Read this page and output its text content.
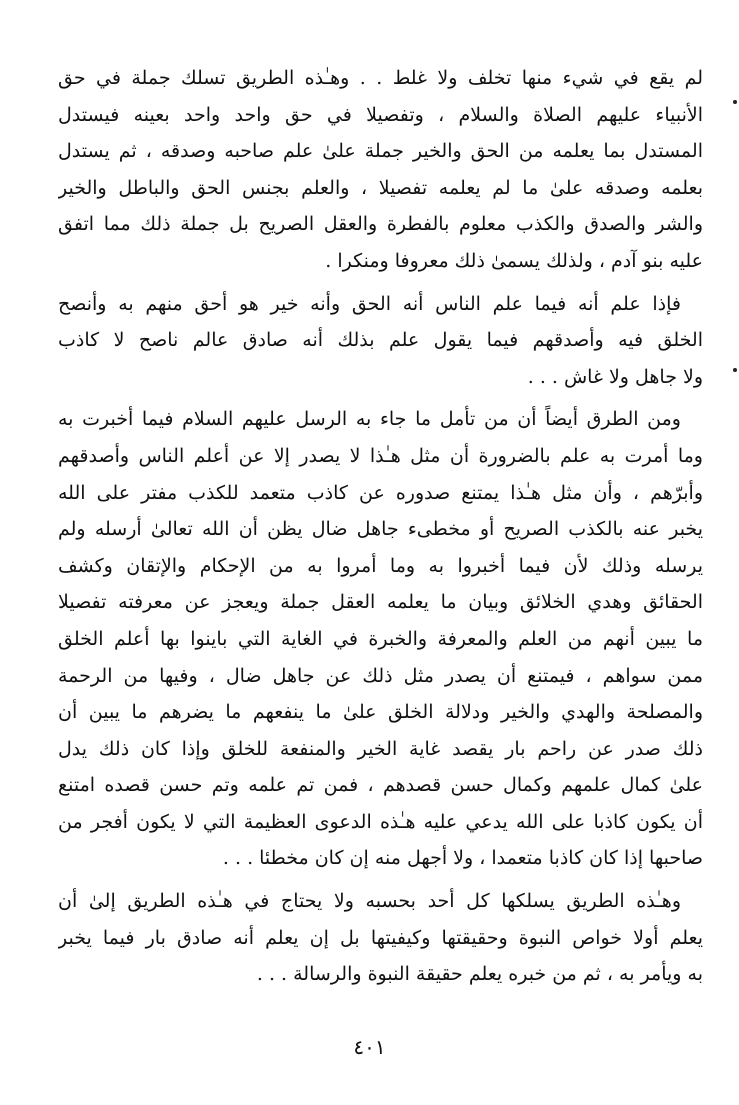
لم يقع في شيء منها تخلف ولا غلط . . وهـٰذه الطريق تسلك جملة في حق
الأنبياء عليهم الصلاة والسلام ، وتفصيلا في حق واحد واحد بعينه فيستدل
المستدل بما يعلمه من الحق والخير جملة علىٰ علم صاحبه وصدقه ، ثم يستدل
بعلمه وصدقه علىٰ ما لم يعلمه تفصيلا ، والعلم بجنس الحق والباطل والخير
والشر والصدق والكذب معلوم بالفطرة والعقل الصريح بل جملة ذلك مما اتفق
عليه بنو آدم ، ولذلك يسمىٰ ذلك معروفا ومنكرا .
فإذا علم أنه فيما علم الناس أنه الحق وأنه خير هو أحق منهم به وأنصح
الخلق فيه وأصدقهم فيما يقول علم بذلك أنه صادق عالم ناصح لا كاذب
ولا جاهل ولا غاش . . .
ومن الطرق أيضاً أن من تأمل ما جاء به الرسل عليهم السلام فيما أخبرت به
وما أمرت به علم بالضرورة أن مثل هـٰذا لا يصدر إلا عن أعلم الناس وأصدقهم
وأبرّهم ، وأن مثل هـٰذا يمتنع صدوره عن كاذب متعمد للكذب مفتر على الله
يخبر عنه بالكذب الصريح أو مخطىء جاهل ضال يظن أن الله تعالىٰ أرسله ولم
يرسله وذلك لأن فيما أخبروا به وما أمروا به من الإحكام والإتقان وكشف
الحقائق وهدي الخلائق وبيان ما يعلمه العقل جملة ويعجز عن معرفته تفصيلا
ما يبين أنهم من العلم والمعرفة والخبرة في الغاية التي باينوا بها أعلم الخلق
ممن سواهم ، فيمتنع أن يصدر مثل ذلك عن جاهل ضال ، وفيها من الرحمة
والمصلحة والهدي والخير ودلالة الخلق علىٰ ما ينفعهم ما يضرهم ما يبين أن
ذلك صدر عن راحم بار يقصد غاية الخير والمنفعة للخلق وإذا كان ذلك يدل
علىٰ كمال علمهم وكمال حسن قصدهم ، فمن تم علمه وتم حسن قصده امتنع
أن يكون كاذبا على الله يدعي عليه هـٰذه الدعوى العظيمة التي لا يكون أفجر من
صاحبها إذا كان كاذبا متعمدا ، ولا أجهل منه إن كان مخطئا . . .
وهـٰذه الطريق يسلكها كل أحد بحسبه ولا يحتاج في هـٰذه الطريق إلىٰ أن
يعلم أولا خواص النبوة وحقيقتها وكيفيتها بل إن يعلم أنه صادق بار فيما يخبر
به ويأمر به ، ثم من خبره يعلم حقيقة النبوة والرسالة . . .
٤٠١
